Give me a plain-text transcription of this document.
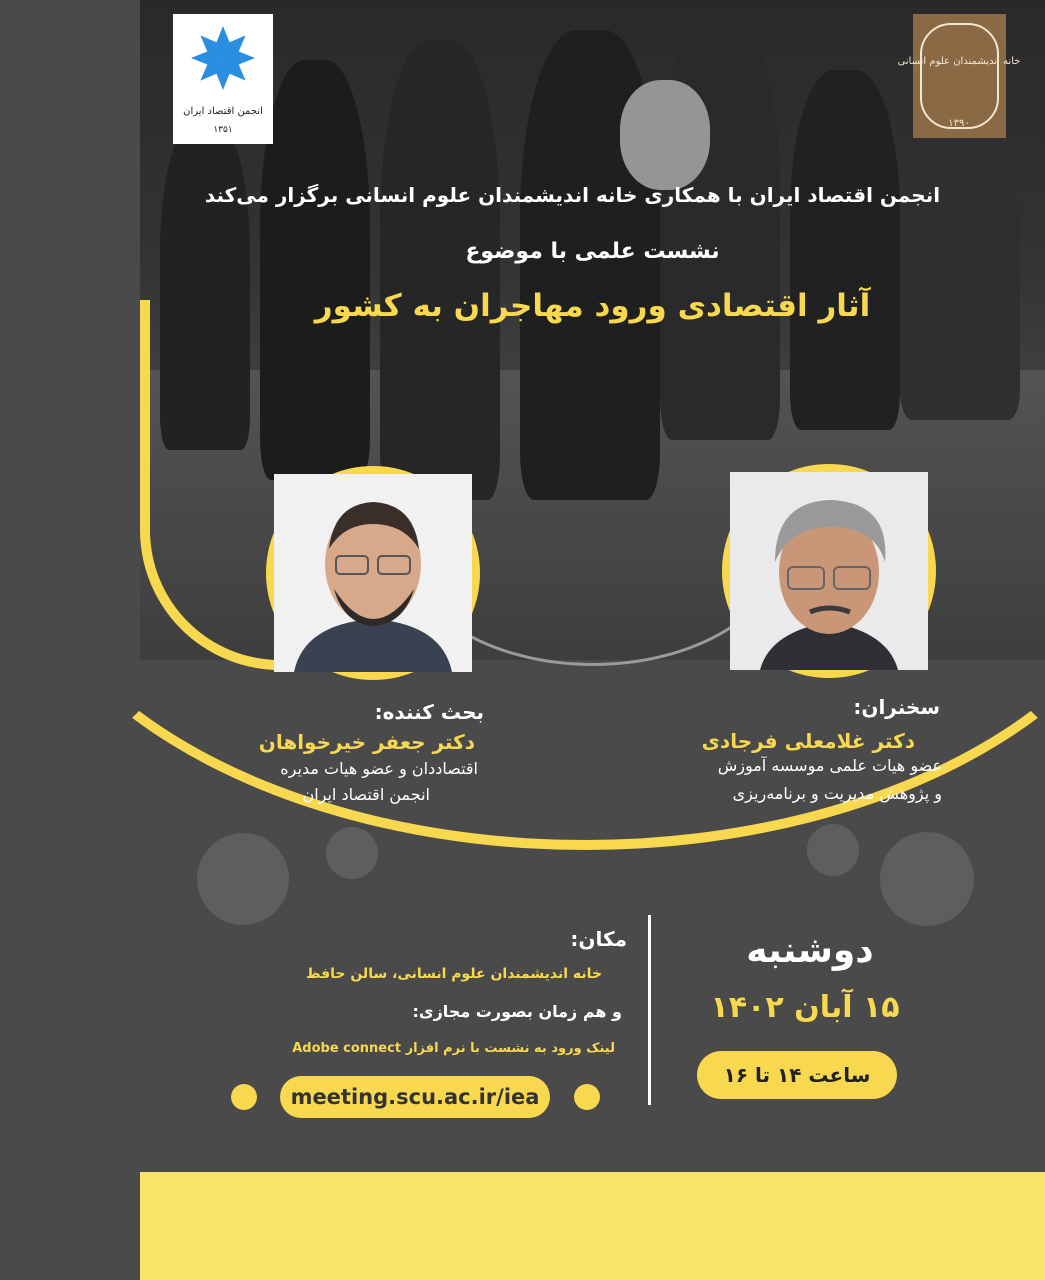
انجمن اقتصاد ایران
۱۳۵۱
خانه اندیشمندان علوم انسانی
۱۳۹۰
انجمن اقتصاد ایران با همکاری خانه اندیشمندان علوم انسانی برگزار می‌کند
نشست علمی با موضوع
آثار اقتصادی ورود مهاجران به کشور
سخنران:
دکتر غلامعلی فرجادی
عضو هیات علمی موسسه آموزش
و پژوهش مدیریت و برنامه‌ریزی
بحث کننده:
دکتر جعفر خیرخواهان
اقتصاددان و عضو هیات مدیره
انجمن اقتصاد ایران
دوشنبه
۱۵ آبان ۱۴۰۲
ساعت ۱۴ تا ۱۶
مکان:
خانه اندیشمندان علوم انسانی، سالن حافظ
و هم زمان بصورت مجازی:
لینک ورود به نشست با نرم افزار Adobe connect
meeting.scu.ac.ir/iea
